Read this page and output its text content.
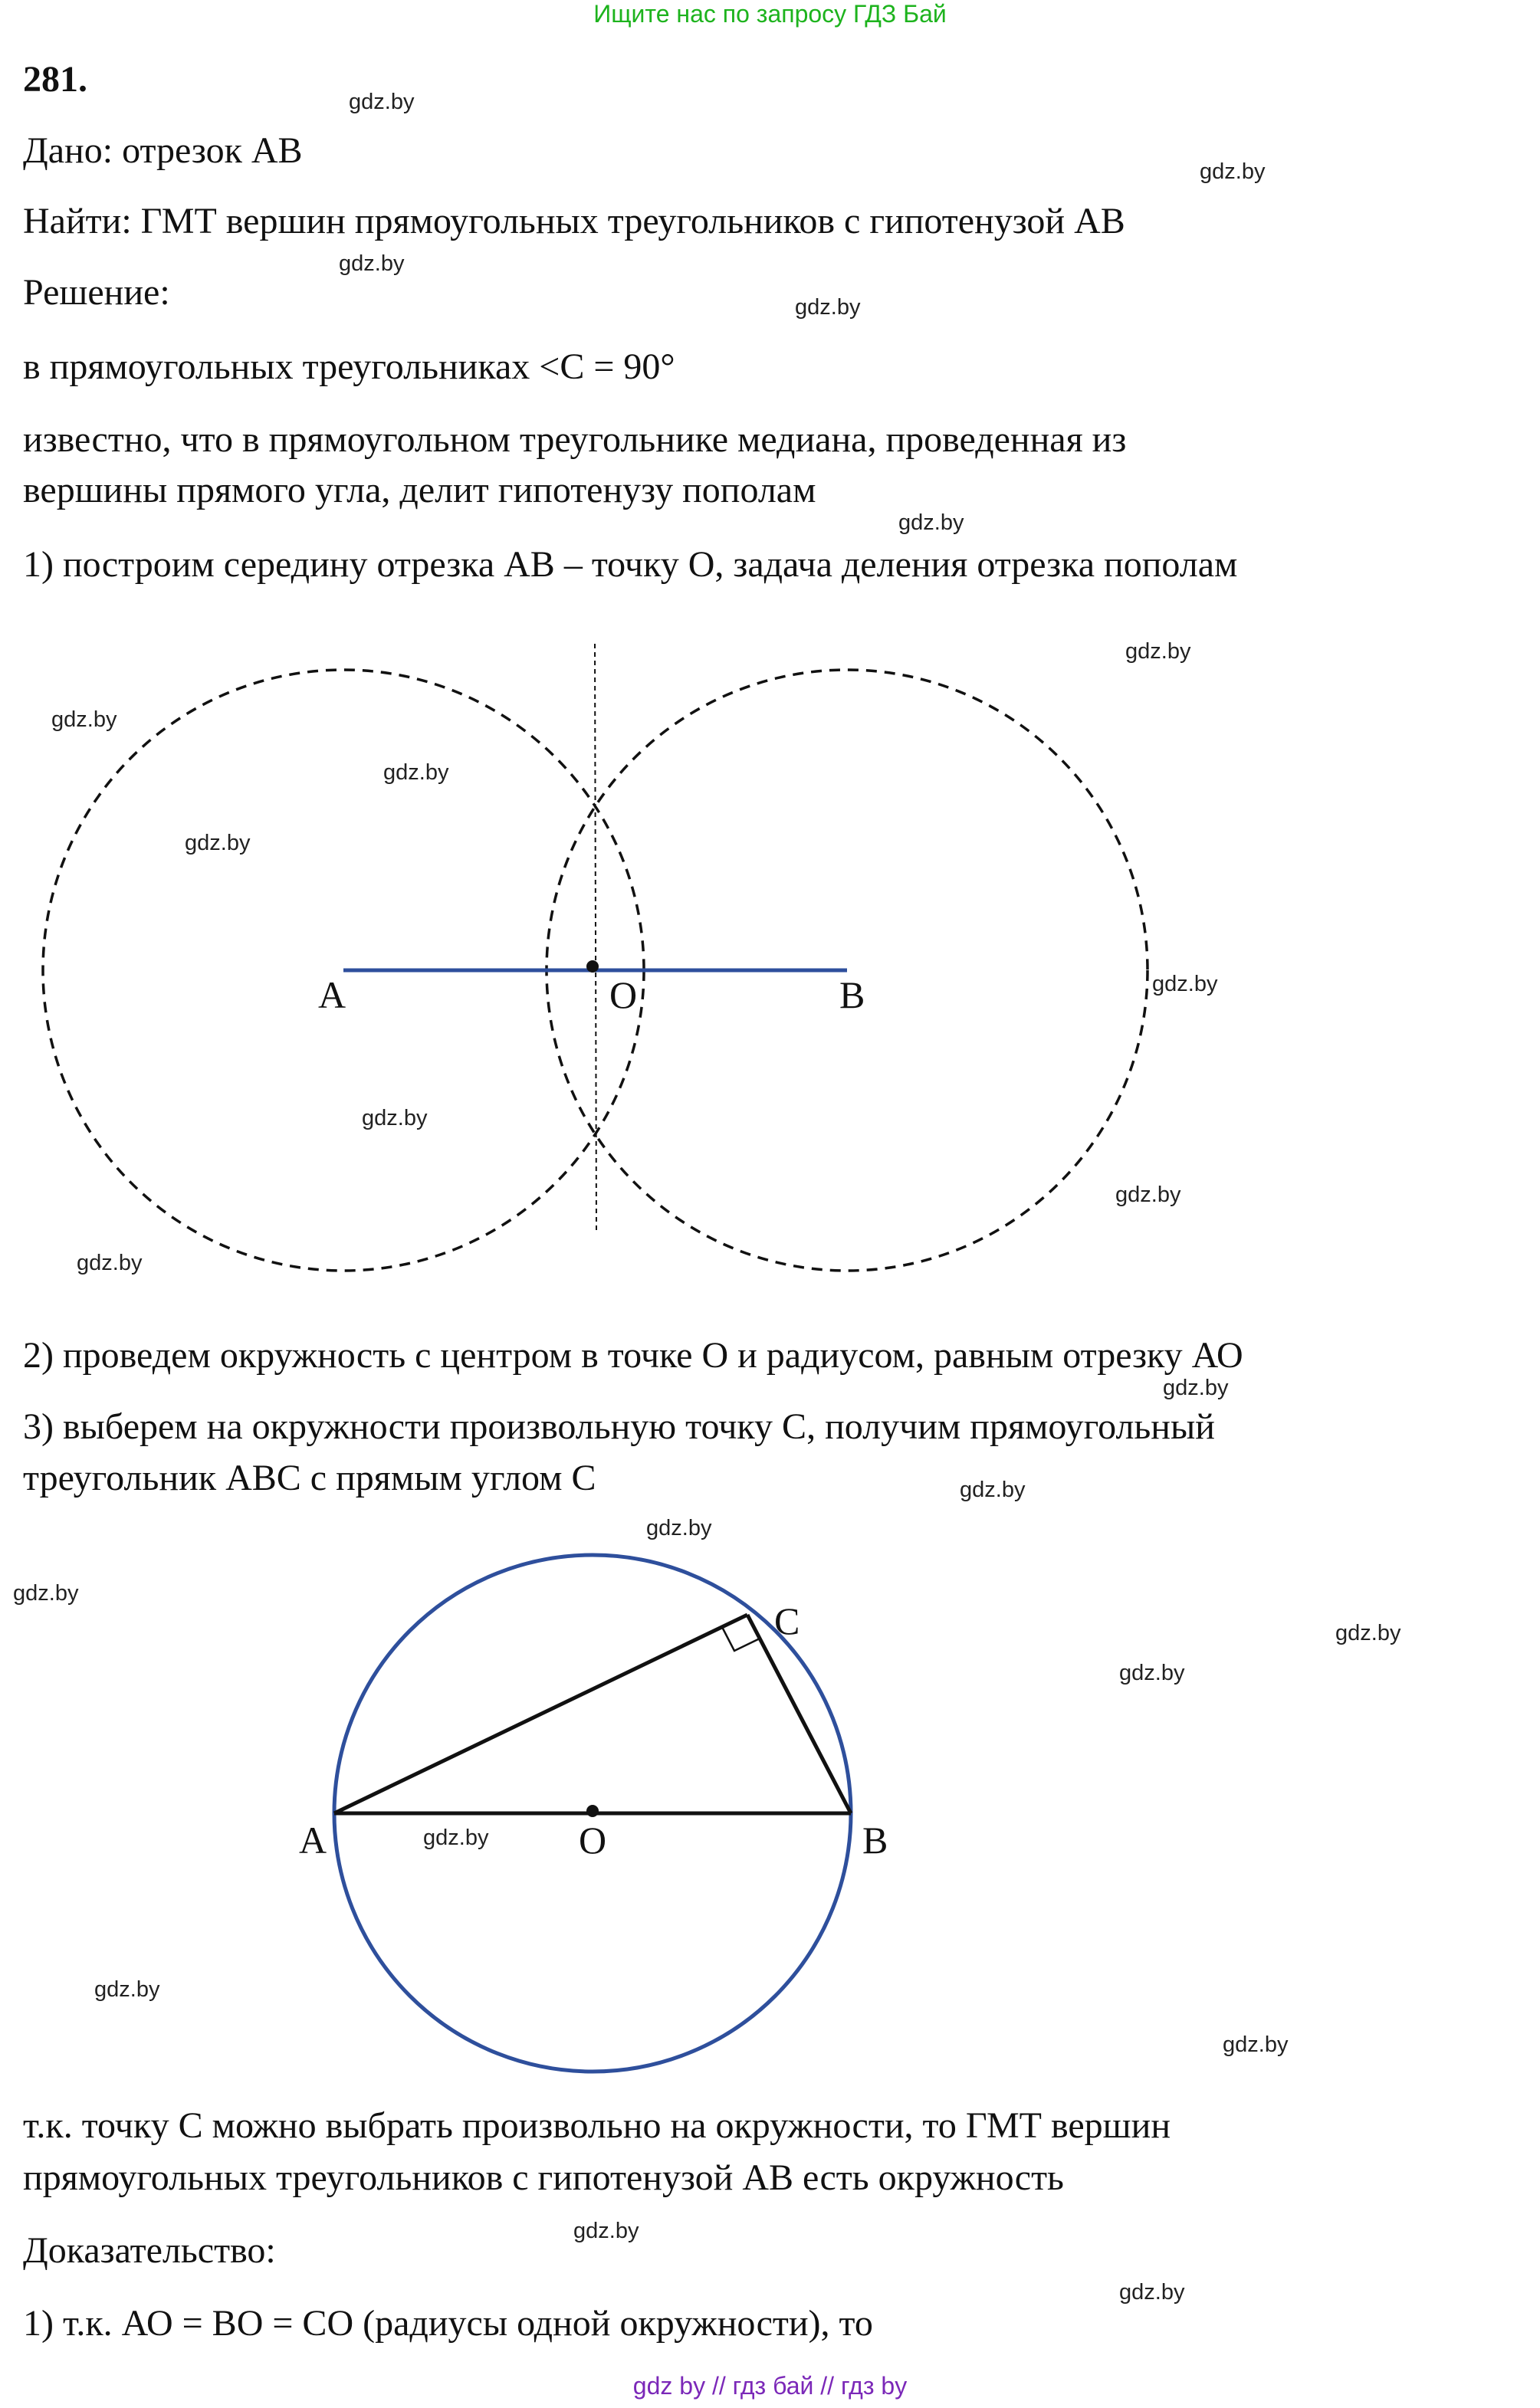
Ищите нас по запросу ГДЗ Бай
281.
Дано: отрезок АВ
Найти: ГМТ вершин прямоугольных треугольников с гипотенузой АВ
Решение:
в прямоугольных треугольниках <C = 90°
известно, что в прямоугольном треугольнике медиана, проведенная из
вершины прямого угла, делит гипотенузу пополам
1) построим середину отрезка АВ – точку О, задача деления отрезка пополам
A	O	B
2) проведем окружность с центром в точке О и радиусом, равным отрезку АО
3) выберем на окружности произвольную точку С, получим прямоугольный
треугольник АВС с прямым углом С
A	O	B
C
т.к. точку С можно выбрать произвольно на окружности, то ГМТ вершин
прямоугольных треугольников с гипотенузой АВ есть окружность
Доказательство:
1) т.к. АО = ВО = СО (радиусы одной окружности), то
gdz.by
gdz.by
gdz.by
gdz.by
gdz.by
gdz.by
gdz.by
gdz.by
gdz.by
gdz.by
gdz.by
gdz.by
gdz.by
gdz.by
gdz.by
gdz.by
gdz.by
gdz.by
gdz.by
gdz.by
gdz.by
gdz.by
gdz.by
gdz.by
gdz by // гдз бай // гдз by
